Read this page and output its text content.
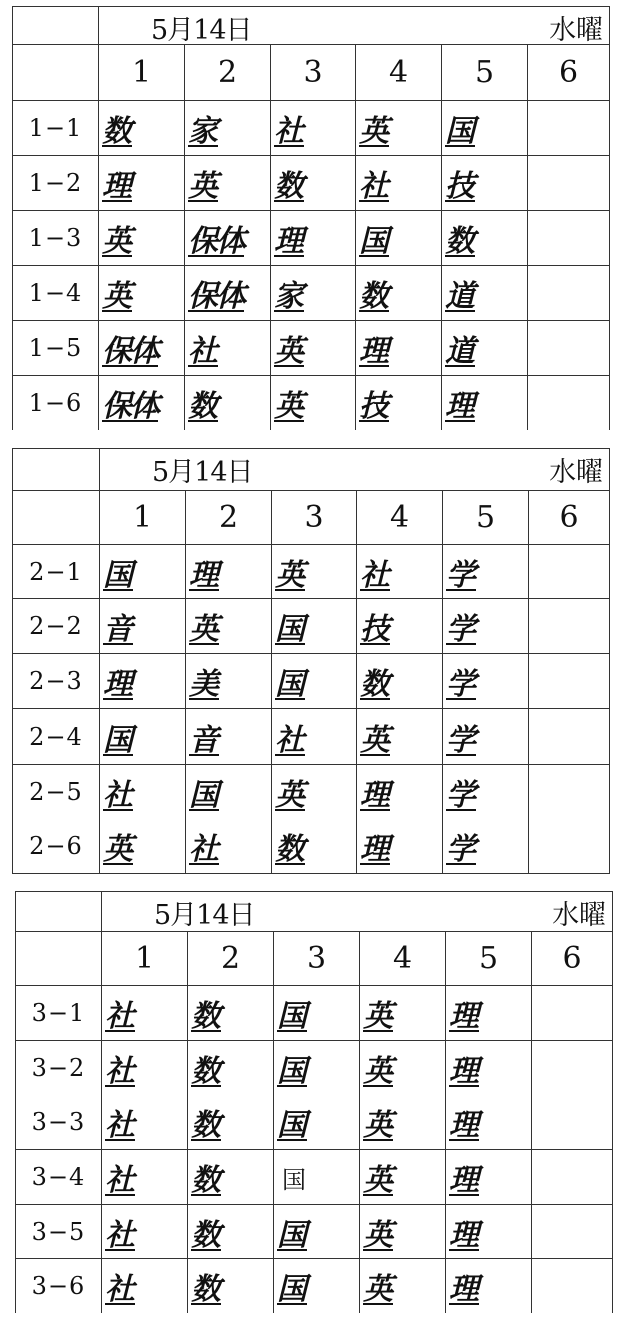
	5月14日 水曜					

	1	2	3	4	5	6
1−1	数	家	社	英	国	
1−2	理	英	数	社	技	
1−3	英	保体	理	国	数	
1−4	英	保体	家	数	道	
1−5	保体	社	英	理	道	
1−6	保体	数	英	技	理	

	5月14日 水曜					

	1	2	3	4	5	6
2−1	国	理	英	社	学	
2−2	音	英	国	技	学	
2−3	理	美	国	数	学	
2−4	国	音	社	英	学	
2−5	社	国	英	理	学	
2−6	英	社	数	理	学	

	5月14日 水曜					

	1	2	3	4	5	6
3−1	社	数	国	英	理	
3−2	社	数	国	英	理	
3−3	社	数	国	英	理	
3−4	社	数	国	英	理	
3−5	社	数	国	英	理	
3−6	社	数	国	英	理	
